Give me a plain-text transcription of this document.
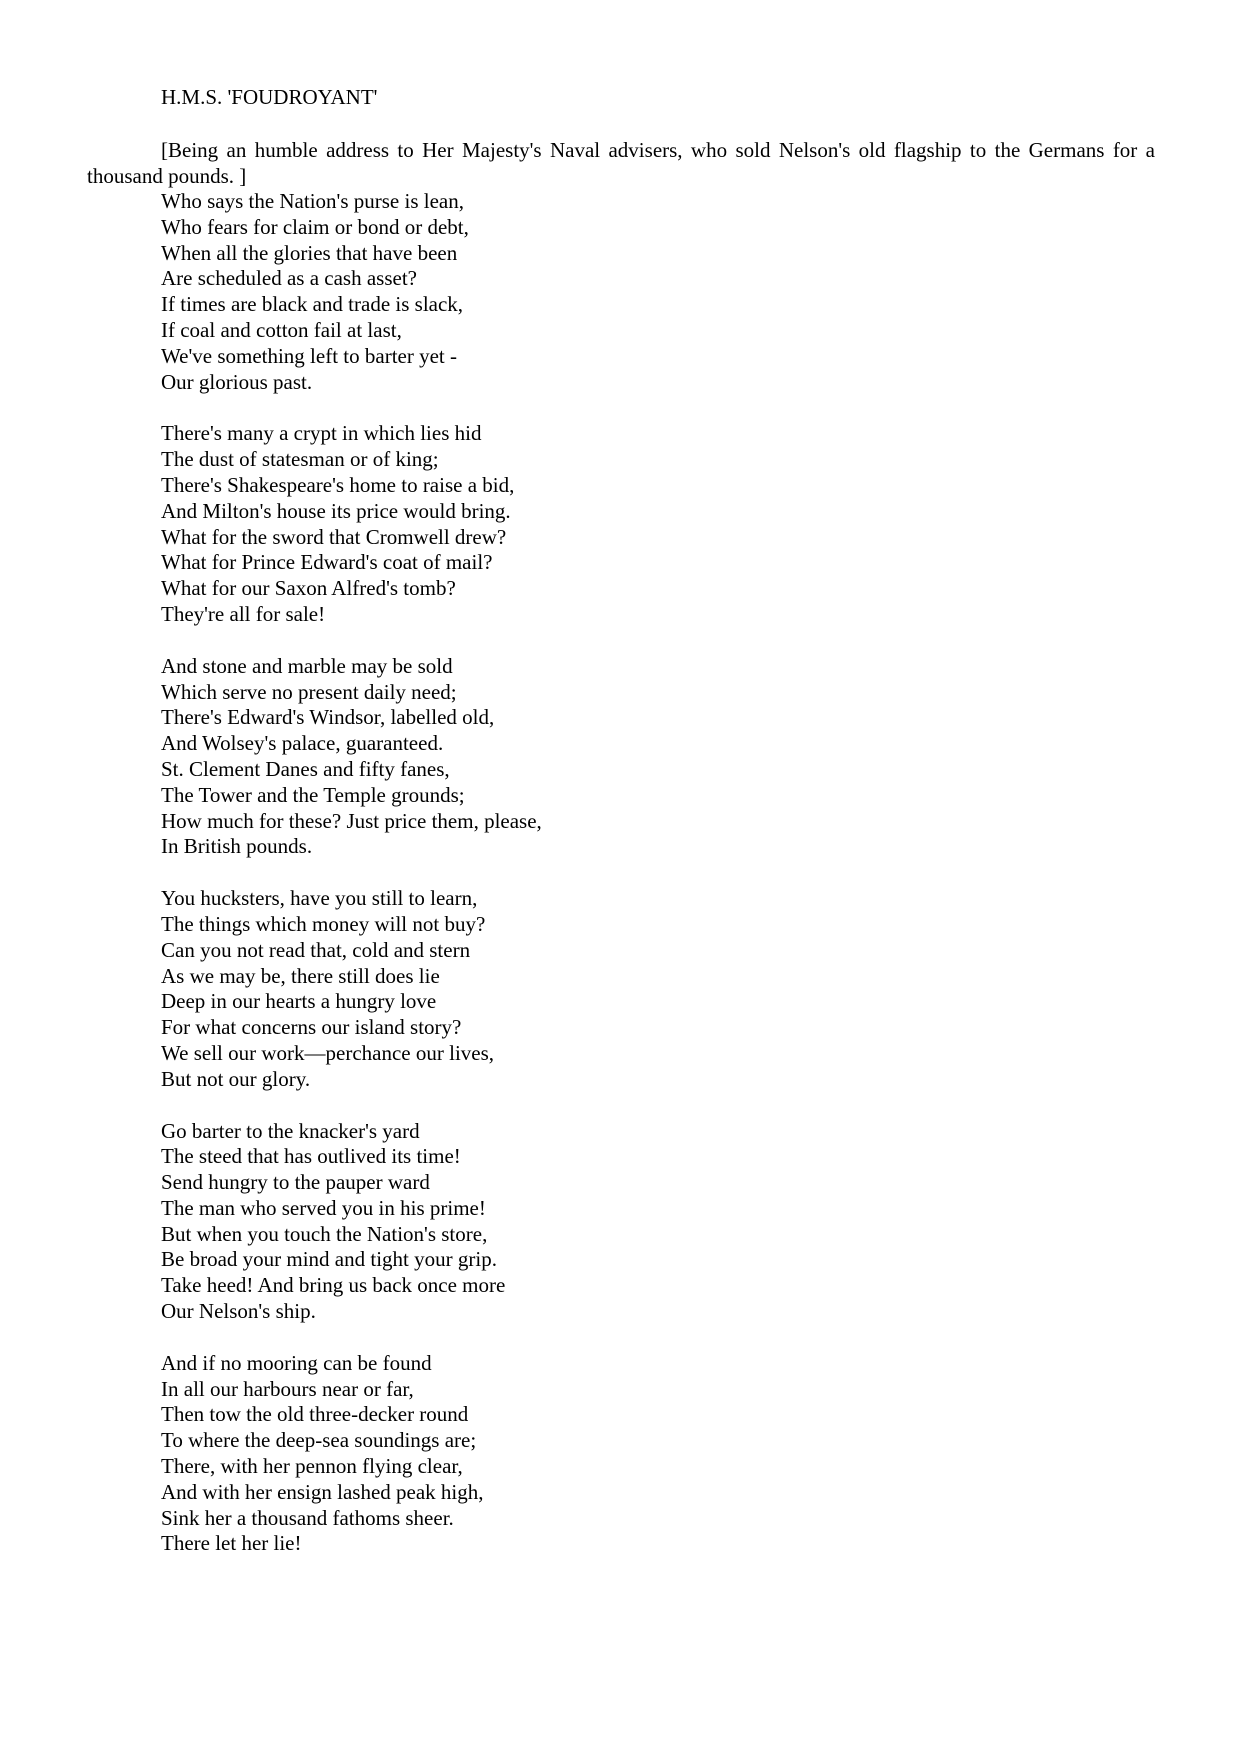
H.M.S. 'FOUDROYANT'
[Being an humble address to Her Majesty's Naval advisers, who sold Nelson's old flagship to the Germans for a thousand pounds. ]
Who says the Nation's purse is lean,
Who fears for claim or bond or debt,
When all the glories that have been
Are scheduled as a cash asset?
If times are black and trade is slack,
If coal and cotton fail at last,
We've something left to barter yet -
Our glorious past.
There's many a crypt in which lies hid
The dust of statesman or of king;
There's Shakespeare's home to raise a bid,
And Milton's house its price would bring.
What for the sword that Cromwell drew?
What for Prince Edward's coat of mail?
What for our Saxon Alfred's tomb?
They're all for sale!
And stone and marble may be sold
Which serve no present daily need;
There's Edward's Windsor, labelled old,
And Wolsey's palace, guaranteed.
St. Clement Danes and fifty fanes,
The Tower and the Temple grounds;
How much for these? Just price them, please,
In British pounds.
You hucksters, have you still to learn,
The things which money will not buy?
Can you not read that, cold and stern
As we may be, there still does lie
Deep in our hearts a hungry love
For what concerns our island story?
We sell our work—perchance our lives,
But not our glory.
Go barter to the knacker's yard
The steed that has outlived its time!
Send hungry to the pauper ward
The man who served you in his prime!
But when you touch the Nation's store,
Be broad your mind and tight your grip.
Take heed! And bring us back once more
Our Nelson's ship.
And if no mooring can be found
In all our harbours near or far,
Then tow the old three-decker round
To where the deep-sea soundings are;
There, with her pennon flying clear,
And with her ensign lashed peak high,
Sink her a thousand fathoms sheer.
There let her lie!
